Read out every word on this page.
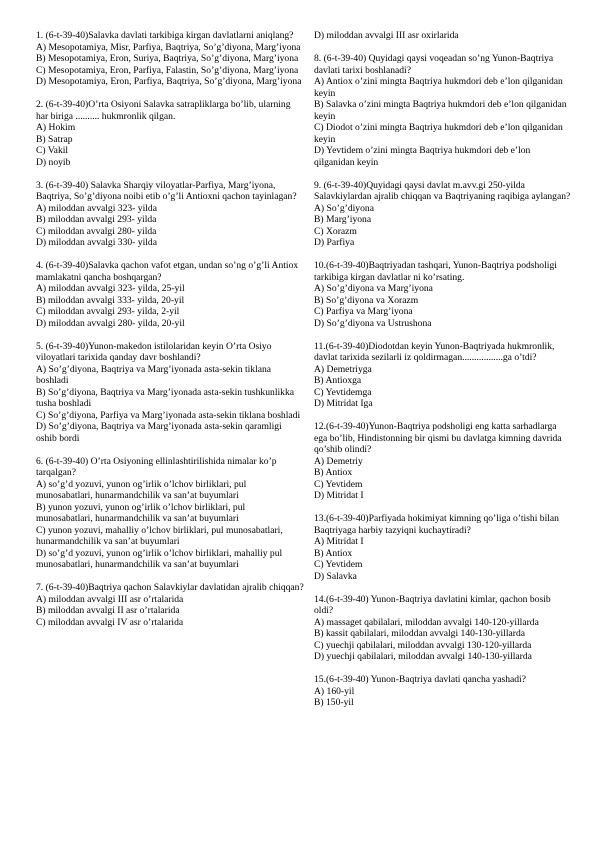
1. (6-t-39-40)Salavka davlati tarkibiga kirgan davlatlarni aniqlang?
A) Mesopotamiya, Misr, Parfiya, Baqtriya, So’g’diyona, Marg’iyona
B) Mesopotamiya, Eron, Suriya, Baqtriya, So’g’diyona, Marg’iyona
C) Mesopotamiya, Eron, Parfiya, Falastin, So’g’diyona, Marg’iyona
D) Mesopotamiya, Eron, Parfiya, Baqtriya, So’g’diyona, Marg’iyona
2. (6-t-39-40)O’rta Osiyoni Salavka satrapliklarga bo’lib, ularning har biriga .......... hukmronlik qilgan.
A) Hokim
B) Satrap
C) Vakil
D) noyib
3. (6-t-39-40) Salavka Sharqiy viloyatlar-Parfiya, Marg’iyona, Baqtriya, So’g’diyona noibi etib o’g’li Antioxni qachon tayinlagan?
A) miloddan avvalgi 323- yilda
B) miloddan avvalgi 293- yilda
C) miloddan avvalgi 280- yilda
D) miloddan avvalgi 330- yilda
4. (6-t-39-40)Salavka qachon vafot etgan, undan so’ng o’g’li Antiox mamlakatni qancha boshqargan?
A) miloddan avvalgi 323- yilda, 25-yil
B) miloddan avvalgi 333- yilda, 20-yil
C) miloddan avvalgi 293- yilda, 2-yil
D) miloddan avvalgi 280- yilda, 20-yil
5. (6-t-39-40)Yunon-makedon istilolaridan keyin O’rta Osiyo viloyatlari tarixida qanday davr boshlandi?
A) So’g’diyona, Baqtriya va Marg’iyonada asta-sekin tiklana boshladi
B) So’g’diyona, Baqtriya va Marg’iyonada asta-sekin tushkunlikka tusha boshladi
C) So’g’diyona, Parfiya va Marg’iyonada asta-sekin tiklana boshladi
D) So’g’diyona, Baqtriya va Marg’iyonada asta-sekin qaramligi oshib bordi
6. (6-t-39-40) O’rta Osiyoning ellinlashtirilishida nimalar ko’p tarqalgan?
A) so’g’d yozuvi, yunon og’irlik o’lchov birliklari, pul munosabatlari, hunarmandchilik va san’at buyumlari
B) yunon yozuvi, yunon og’irlik o’lchov birliklari, pul munosabatlari, hunarmandchilik va san’at buyumlari
C) yunon yozuvi, mahalliy o’lchov birliklari, pul munosabatlari, hunarmandchilik va san’at buyumlari
D) so’g’d yozuvi, yunon og’irlik o’lchov birliklari, mahalliy pul munosabatlari, hunarmandchilik va san’at buyumlari
7. (6-t-39-40)Baqtriya qachon Salavkiylar davlatidan ajralib chiqqan?
A) miloddan avvalgi III asr o’rtalarida
B) miloddan avvalgi II asr o’rtalarida
C) miloddan avvalgi IV asr o’rtalarida
D) miloddan avvalgi III asr oxirlarida
8. (6-t-39-40) Quyidagi qaysi voqeadan so’ng Yunon-Baqtriya davlati tarixi boshlanadi?
A) Antiox o’zini mingta Baqtriya hukmdori deb e’lon qilganidan keyin
B) Salavka o’zini mingta Baqtriya hukmdori deb e’lon qilganidan keyin
C) Diodot o’zini mingta Baqtriya hukmdori deb e’lon qilganidan keyin
D) Yevtidem o’zini mingta Baqtriya hukmdori deb e’lon qilganidan keyin
9. (6-t-39-40)Quyidagi qaysi davlat m.avv.gi 250-yilda Salavkiylardan ajralib chiqqan va Baqtriyaning raqibiga aylangan?
A) So’g’diyona
B) Marg’iyona
C) Xorazm
D) Parfiya
10.(6-t-39-40)Baqtriyadan tashqari, Yunon-Baqtriya podsholigi tarkibiga kirgan davlatlar ni ko’rsating.
A) So’g’diyona va Marg’iyona
B) So’g’diyona va Xorazm
C) Parfiya va Marg’iyona
D) So’g’diyona va Ustrushona
11.(6-t-39-40)Diodotdan keyin Yunon-Baqtriyada hukmronlik, davlat tarixida sezilarli iz qoldirmagan.................ga o’tdi?
A) Demetriyga
B) Antioxga
C) Yevtidemga
D) Mitridat Iga
12.(6-t-39-40)Yunon-Baqtriya podsholigi eng katta sarhadlarga ega bo’lib, Hindistonning bir qismi bu davlatga kimning davrida qo’shib olindi?
A) Demetriy
B) Antiox
C) Yevtidem
D) Mitridat I
13.(6-t-39-40)Parfiyada hokimiyat kimning qo’liga o’tishi bilan Baqtriyaga harbiy tazyiqni kuchaytiradi?
A) Mitridat I
B) Antiox
C) Yevtidem
D) Salavka
14.(6-t-39-40) Yunon-Baqtriya davlatini kimlar, qachon bosib oldi?
A) massaget qabilalari, miloddan avvalgi 140-120-yillarda
B) kassit qabilalari, miloddan avvalgi 140-130-yillarda
C) yuechji qabilalari, miloddan avvalgi 130-120-yillarda
D) yuechji qabilalari, miloddan avvalgi 140-130-yillarda
15.(6-t-39-40) Yunon-Baqtriya davlati qancha yashadi?
A) 160-yil
B) 150-yil
